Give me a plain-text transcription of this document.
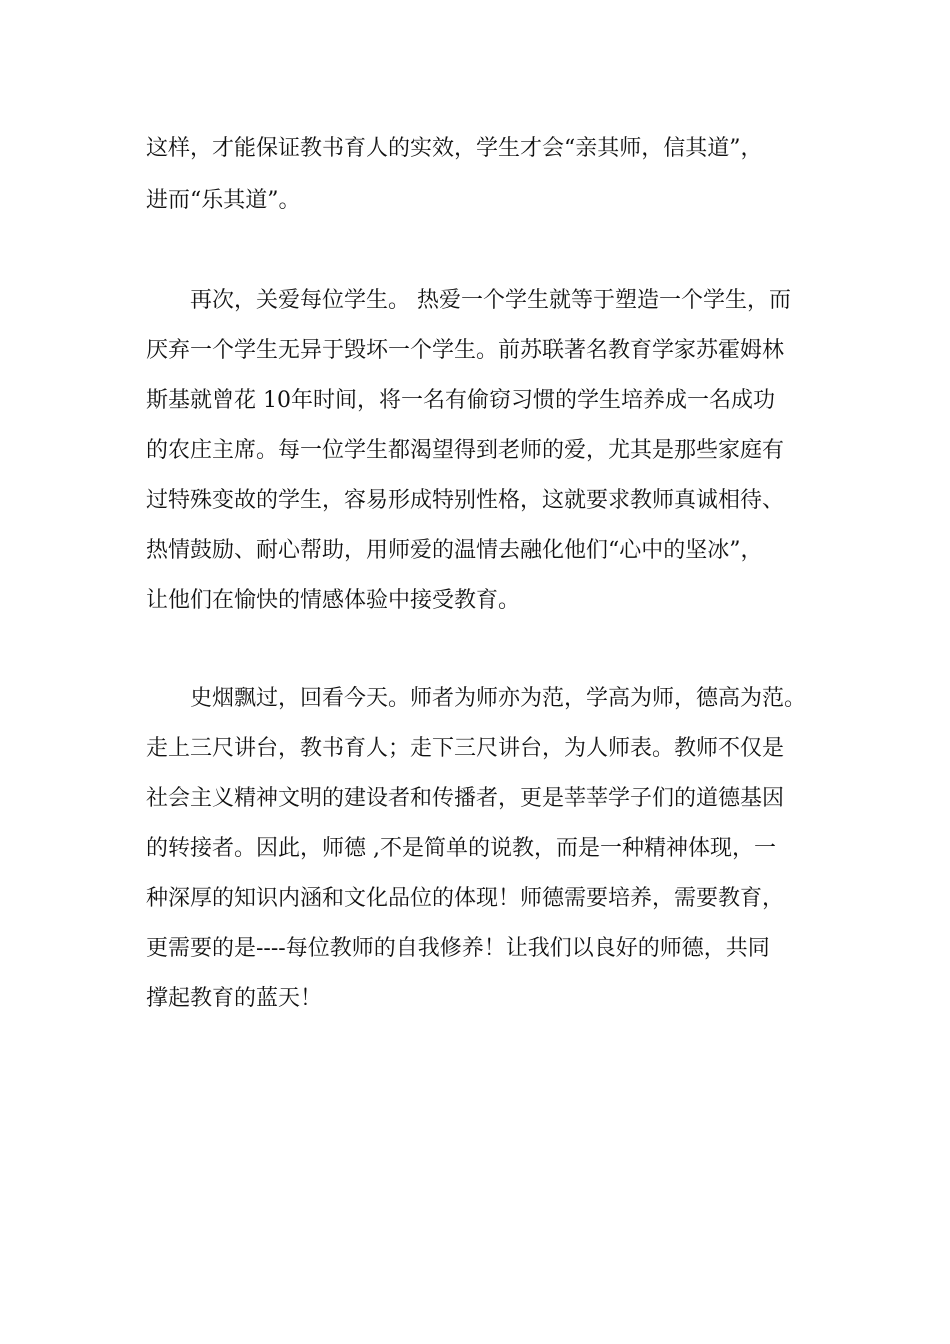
这样，才能保证教书育人的实效，学生才会“亲其师，信其道”，
进而“乐其道”。
　　再次，关爱每位学生。 热爱一个学生就等于塑造一个学生，而
厌弃一个学生无异于毁坏一个学生。前苏联著名教育学家苏霍姆林
斯基就曾花 10年时间，将一名有偷窃习惯的学生培养成一名成功
的农庄主席。每一位学生都渴望得到老师的爱，尤其是那些家庭有
过特殊变故的学生，容易形成特别性格，这就要求教师真诚相待、
热情鼓励、耐心帮助，用师爱的温情去融化他们“心中的坚冰”，
让他们在愉快的情感体验中接受教育。
　　史烟飘过，回看今天。师者为师亦为范，学高为师，德高为范。
走上三尺讲台，教书育人；走下三尺讲台，为人师表。教师不仅是
社会主义精神文明的建设者和传播者，更是莘莘学子们的道德基因
的转接者。因此，师德 ,不是简单的说教，而是一种精神体现，一
种深厚的知识内涵和文化品位的体现！师德需要培养，需要教育，
更需要的是----每位教师的自我修养！让我们以良好的师德，共同
撑起教育的蓝天！
